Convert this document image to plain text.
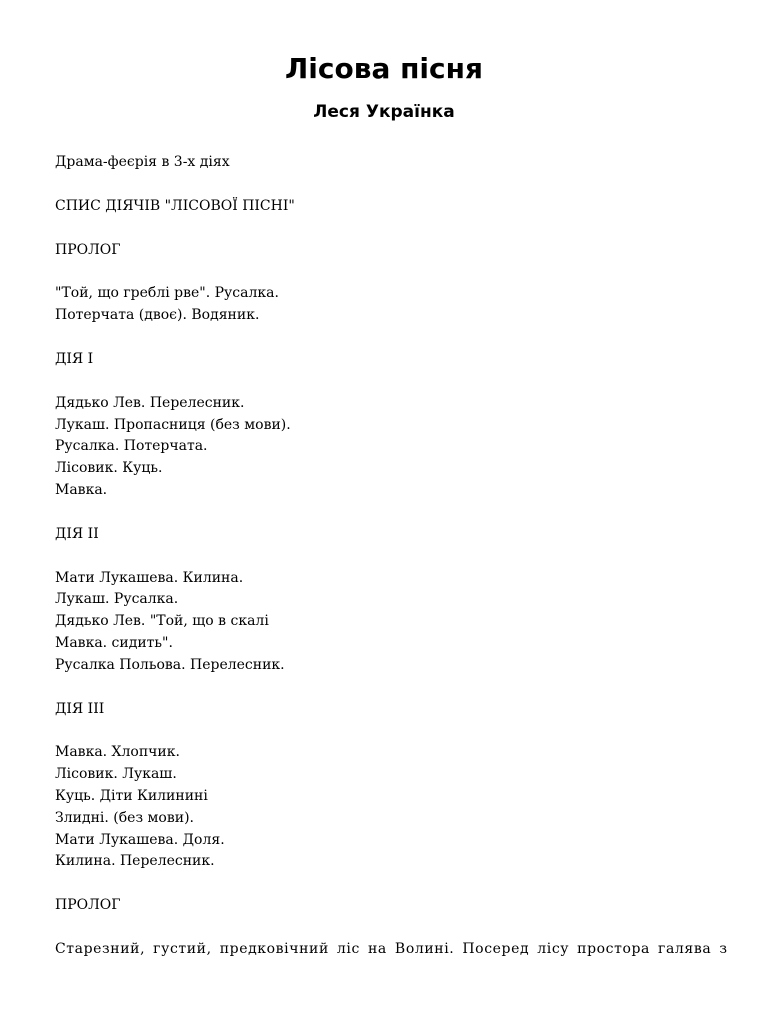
Лісова пісня
Леся Українка

Драма-феєрія в 3-х діях

СПИС ДІЯЧІВ "ЛІСОВОЇ ПІСНІ"

ПРОЛОГ

"Той, що греблі рве". Русалка.
Потерчата (двоє). Водяник.

ДІЯ I

Дядько Лев. Перелесник.
Лукаш. Пропасниця (без мови).
Русалка. Потерчата.
Лісовик. Куць.
Мавка.

ДІЯ II

Мати Лукашева. Килина.
Лукаш. Русалка.
Дядько Лев. "Той, що в скалі
Мавка. сидить".
Русалка Польова. Перелесник.

ДІЯ III

Мавка. Хлопчик.
Лісовик. Лукаш.
Куць. Діти Килинині
Злидні. (без мови).
Мати Лукашева. Доля.
Килина. Перелесник.

ПРОЛОГ

Старезний, густий, предковічний ліс на Волині. Посеред лісу простора галява з
